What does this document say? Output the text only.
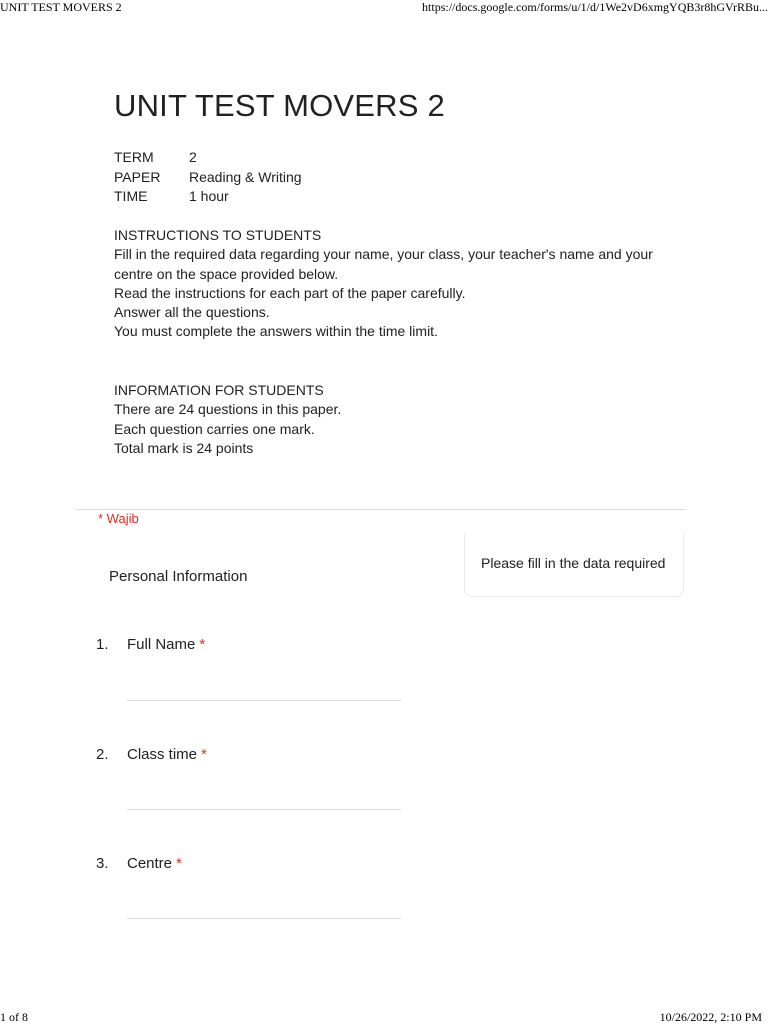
UNIT TEST MOVERS 2	https://docs.google.com/forms/u/1/d/1We2vD6xmgYQB3r8hGVrRBu...
UNIT TEST MOVERS 2
TERM	2
PAPER	Reading & Writing
TIME	1 hour

INSTRUCTIONS TO STUDENTS

Fill in the required data regarding your name, your class, your teacher's name and your centre on the space provided below.

Read the instructions for each part of the paper carefully.

Answer all the questions.

You must complete the answers within the time limit.

INFORMATION FOR STUDENTS

There are 24 questions in this paper.

Each question carries one mark.

Total mark is 24 points

* Wajib
Personal Information
Please fill in the data required
1. Full Name *
2. Class time *
3. Centre *
1 of 8	10/26/2022, 2:10 PM
